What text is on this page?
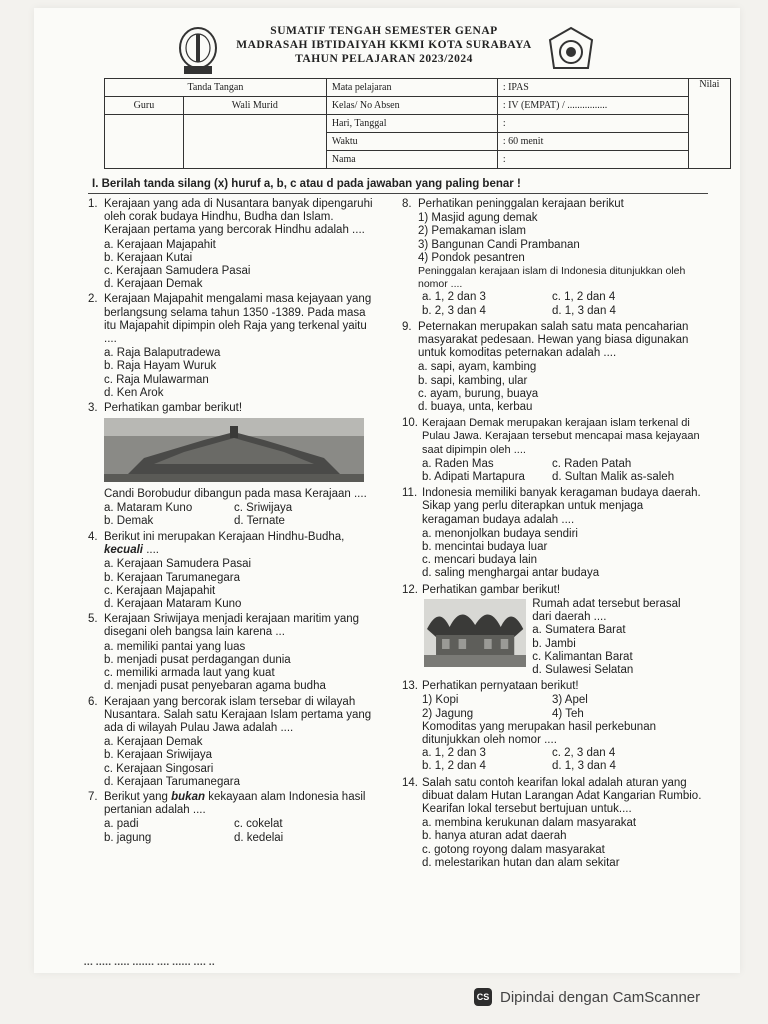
SUMATIF TENGAH SEMESTER GENAP
MADRASAH IBTIDAIYAH KKMI KOTA SURABAYA
TAHUN PELAJARAN 2023/2024
Tanda Tangan		Mata pelajaran	: IPAS	Nilai
Guru	Wali Murid	Kelas/ No Absen	: IV (EMPAT) / ................	
		Hari, Tanggal	:	
		Waktu	: 60 menit	
		Nama	:	
I. Berilah tanda silang (x) huruf a, b, c atau d pada jawaban yang paling benar !
1. Kerajaan yang ada di Nusantara banyak dipengaruhi oleh corak budaya Hindhu, Budha dan Islam. Kerajaan pertama yang bercorak Hindhu adalah ....
a. Kerajaan Majapahit
b. Kerajaan Kutai
c. Kerajaan Samudera Pasai
d. Kerajaan Demak
2. Kerajaan Majapahit mengalami masa kejayaan yang berlangsung selama tahun 1350 -1389. Pada masa itu Majapahit dipimpin oleh Raja yang terkenal yaitu ....
a. Raja Balaputradewa
b. Raja Hayam Wuruk
c. Raja Mulawarman
d. Ken Arok
3. Perhatikan gambar berikut!
Candi Borobudur dibangun pada masa Kerajaan ....
a. Mataram Kuno	c. Sriwijaya
b. Demak	d. Ternate
4. Berikut ini merupakan Kerajaan Hindhu-Budha,
kecuali ....
a. Kerajaan Samudera Pasai
b. Kerajaan Tarumanegara
c. Kerajaan Majapahit
d. Kerajaan Mataram Kuno
5. Kerajaan Sriwijaya menjadi kerajaan maritim yang disegani oleh bangsa lain karena ...
a. memiliki pantai yang luas
b. menjadi pusat perdagangan dunia
c. memiliki armada laut yang kuat
d. menjadi pusat penyebaran agama budha
6. Kerajaan yang bercorak islam tersebar di wilayah Nusantara. Salah satu Kerajaan Islam pertama yang ada di wilayah Pulau Jawa adalah ....
a. Kerajaan Demak
b. Kerajaan Sriwijaya
c. Kerajaan Singosari
d. Kerajaan Tarumanegara
7. Berikut yang bukan kekayaan alam Indonesia hasil pertanian adalah ....
a. padi	c. cokelat
b. jagung	d. kedelai
8. Perhatikan peninggalan kerajaan berikut
1) Masjid agung demak
2) Pemakaman islam
3) Bangunan Candi Prambanan
4) Pondok pesantren
Peninggalan kerajaan islam di Indonesia ditunjukkan oleh nomor ....
a. 1, 2 dan 3	c. 1, 2 dan 4
b. 2, 3 dan 4	d. 1, 3 dan 4
9. Peternakan merupakan salah satu mata pencaharian masyarakat pedesaan. Hewan yang biasa digunakan untuk komoditas peternakan adalah ....
a. sapi, ayam, kambing
b. sapi, kambing, ular
c. ayam, burung, buaya
d. buaya, unta, kerbau
10. Kerajaan Demak merupakan kerajaan islam terkenal di Pulau Jawa. Kerajaan tersebut mencapai masa kejayaan saat dipimpin oleh ....
a. Raden Mas	c. Raden Patah
b. Adipati Martapura	d. Sultan Malik as-saleh
11. Indonesia memiliki banyak keragaman budaya daerah. Sikap yang perlu diterapkan untuk menjaga keragaman budaya adalah ....
a. menonjolkan budaya sendiri
b. mencintai budaya luar
c. mencari budaya lain
d. saling menghargai antar budaya
12. Perhatikan gambar berikut!
Rumah adat tersebut berasal dari daerah ....
a. Sumatera Barat
b. Jambi
c. Kalimantan Barat
d. Sulawesi Selatan
13. Perhatikan pernyataan berikut!
1) Kopi	3) Apel
2) Jagung	4) Teh
Komoditas yang merupakan hasil perkebunan ditunjukkan oleh nomor ....
a. 1, 2 dan 3	c. 2, 3 dan 4
b. 1, 2 dan 4	d. 1, 3 dan 4
14. Salah satu contoh kearifan lokal adalah aturan yang dibuat dalam Hutan Larangan Adat Kangarian Rumbio. Kearifan lokal tersebut bertujuan untuk....
a. membina kerukunan dalam masyarakat
b. hanya aturan adat daerah
c. gotong royong dalam masyarakat
d. melestarikan hutan dan alam sekitar
▪▪▪ ▪▪▪▪▪ ▪▪▪▪▪ ▪▪▪▪▪▪▪ ▪▪▪▪ ▪▪▪▪▪▪ ▪▪▪▪ ▪▪
CS Dipindai dengan CamScanner
